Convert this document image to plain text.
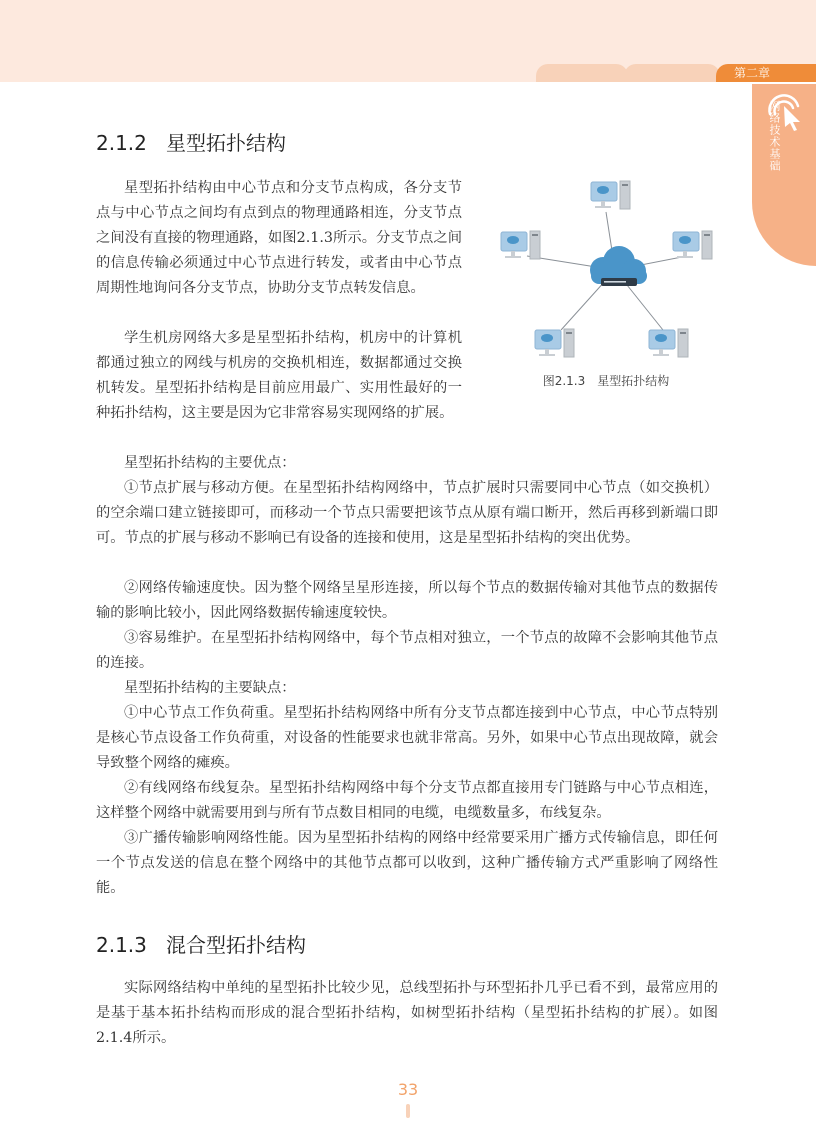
第二章
网络技术基础
2.1.2 星型拓扑结构

星型拓扑结构由中心节点和分支节点构成，各分支节点与中心节点之间均有点到点的物理通路相连，分支节点之间没有直接的物理通路，如图2.1.3所示。分支节点之间的信息传输必须通过中心节点进行转发，或者由中心节点周期性地询问各分支节点，协助分支节点转发信息。

学生机房网络大多是星型拓扑结构，机房中的计算机都通过独立的网线与机房的交换机相连，数据都通过交换机转发。星型拓扑结构是目前应用最广、实用性最好的一种拓扑结构，这主要是因为它非常容易实现网络的扩展。

星型拓扑结构的主要优点：

①节点扩展与移动方便。在星型拓扑结构网络中，节点扩展时只需要同中心节点（如交换机）的空余端口建立链接即可，而移动一个节点只需要把该节点从原有端口断开，然后再移到新端口即可。节点的扩展与移动不影响已有设备的连接和使用，这是星型拓扑结构的突出优势。

②网络传输速度快。因为整个网络呈星形连接，所以每个节点的数据传输对其他节点的数据传输的影响比较小，因此网络数据传输速度较快。

③容易维护。在星型拓扑结构网络中，每个节点相对独立，一个节点的故障不会影响其他节点的连接。

星型拓扑结构的主要缺点：

①中心节点工作负荷重。星型拓扑结构网络中所有分支节点都连接到中心节点，中心节点特别是核心节点设备工作负荷重，对设备的性能要求也就非常高。另外，如果中心节点出现故障，就会导致整个网络的瘫痪。

②有线网络布线复杂。星型拓扑结构网络中每个分支节点都直接用专门链路与中心节点相连，这样整个网络中就需要用到与所有节点数目相同的电缆，电缆数量多，布线复杂。

③广播传输影响网络性能。因为星型拓扑结构的网络中经常要采用广播方式传输信息，即任何一个节点发送的信息在整个网络中的其他节点都可以收到，这种广播传输方式严重影响了网络性能。

图2.1.3　星型拓扑结构
2.1.3 混合型拓扑结构

实际网络结构中单纯的星型拓扑比较少见，总线型拓扑与环型拓扑几乎已看不到，最常应用的是基于基本拓扑结构而形成的混合型拓扑结构，如树型拓扑结构（星型拓扑结构的扩展）。如图2.1.4所示。

33
